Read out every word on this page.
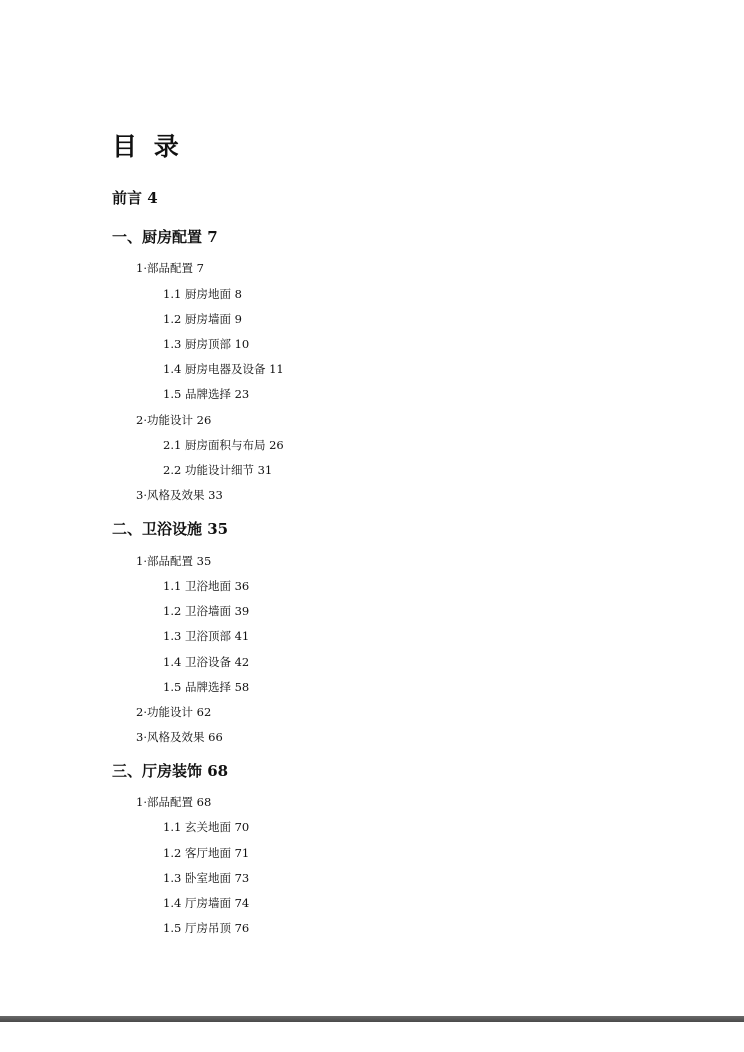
目 录

前言 4

一、厨房配置 7

1·部品配置 7

1.1 厨房地面 8

1.2 厨房墙面 9

1.3 厨房顶部 10

1.4 厨房电器及设备 11

1.5 品牌选择 23

2·功能设计 26

2.1 厨房面积与布局 26

2.2 功能设计细节 31

3·风格及效果 33

二、卫浴设施 35

1·部品配置 35

1.1 卫浴地面 36

1.2 卫浴墙面 39

1.3 卫浴顶部 41

1.4 卫浴设备 42

1.5 品牌选择 58

2·功能设计 62

3·风格及效果 66

三、厅房装饰 68

1·部品配置 68

1.1 玄关地面 70

1.2 客厅地面 71

1.3 卧室地面 73

1.4 厅房墙面 74

1.5 厅房吊顶 76
